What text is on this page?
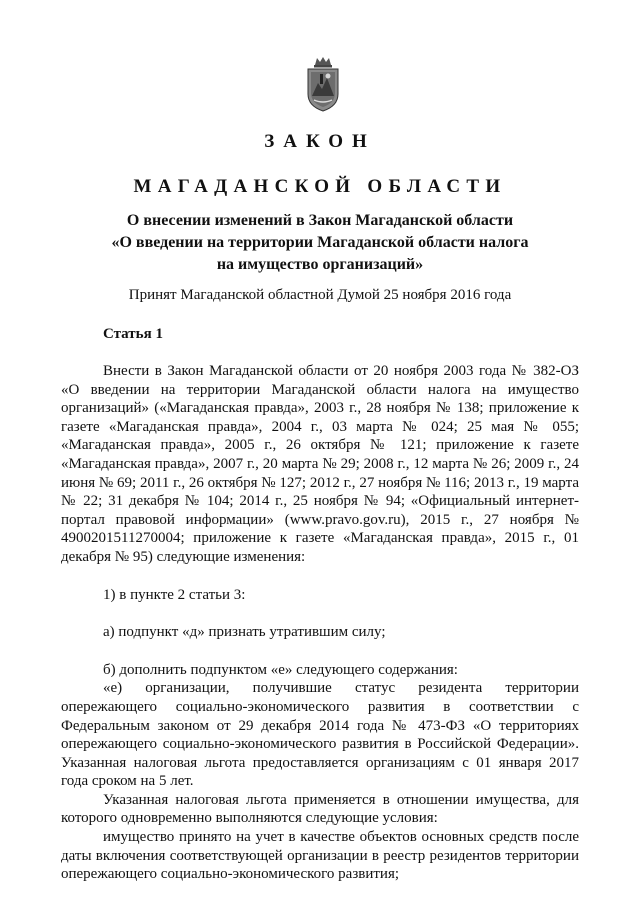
ЗАКОН
МАГАДАНСКОЙ ОБЛАСТИ
О внесении изменений в Закон Магаданской области
«О введении на территории Магаданской области налога
на имущество организаций»

Принят Магаданской областной Думой 25 ноября 2016 года

Статья 1

Внести в Закон Магаданской области от 20 ноября 2003 года № 382-ОЗ «О введении на территории Магаданской области налога на имущество организаций» («Магаданская правда», 2003 г., 28 ноября № 138; приложение к газете «Магаданская правда», 2004 г., 03 марта № 024; 25 мая № 055; «Магаданская правда», 2005 г., 26 октября № 121; приложение к газете «Магаданская правда», 2007 г., 20 марта № 29; 2008 г., 12 марта № 26; 2009 г., 24 июня № 69; 2011 г., 26 октября № 127; 2012 г., 27 ноября № 116; 2013 г., 19 марта № 22; 31 декабря № 104; 2014 г., 25 ноября № 94; «Официальный интернет-портал правовой информации» (www.pravo.gov.ru), 2015 г., 27 ноября № 4900201511270004; приложение к газете «Магаданская правда», 2015 г., 01 декабря № 95) следующие изменения:

1) в пункте 2 статьи 3:

а) подпункт «д» признать утратившим силу;

б) дополнить подпунктом «е» следующего содержания:

«е) организации, получившие статус резидента территории опережающего социально-экономического развития в соответствии с Федеральным законом от 29 декабря 2014 года № 473-ФЗ «О территориях опережающего социально-экономического развития в Российской Федерации». Указанная налоговая льгота предоставляется организациям с 01 января 2017 года сроком на 5 лет.

Указанная налоговая льгота применяется в отношении имущества, для которого одновременно выполняются следующие условия:

имущество принято на учет в качестве объектов основных средств после даты включения соответствующей организации в реестр резидентов территории опережающего социально-экономического развития;
